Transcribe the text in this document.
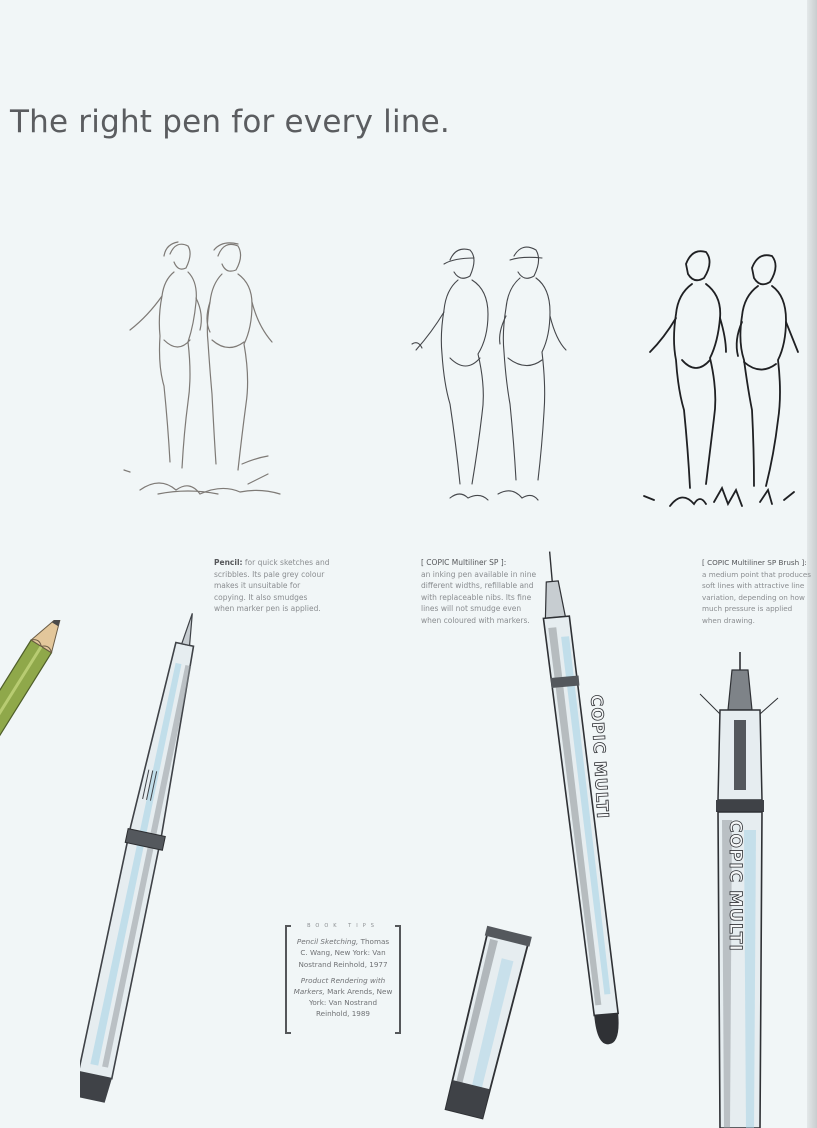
The right pen for every line.
Pencil: for quick sketches and
scribbles. Its pale grey colour
makes it unsuitable for
copying. It also smudges
when marker pen is applied.
[ COPIC Multiliner SP ]:
an inking pen available in nine
different widths, refillable and
with replaceable nibs. Its fine
lines will not smudge even
when coloured with markers.
[ COPIC Multiliner SP Brush ]:
a medium point that produces
soft lines with attractive line
variation, depending on how
much pressure is applied
when drawing.
BOOK TIPS
Pencil Sketching, Thomas C. Wang, New York: Van Nostrand Reinhold, 1977
Product Rendering with Markers, Mark Arends, New York: Van Nostrand Reinhold, 1989
COPIC MULTI
COPIC MULTI
